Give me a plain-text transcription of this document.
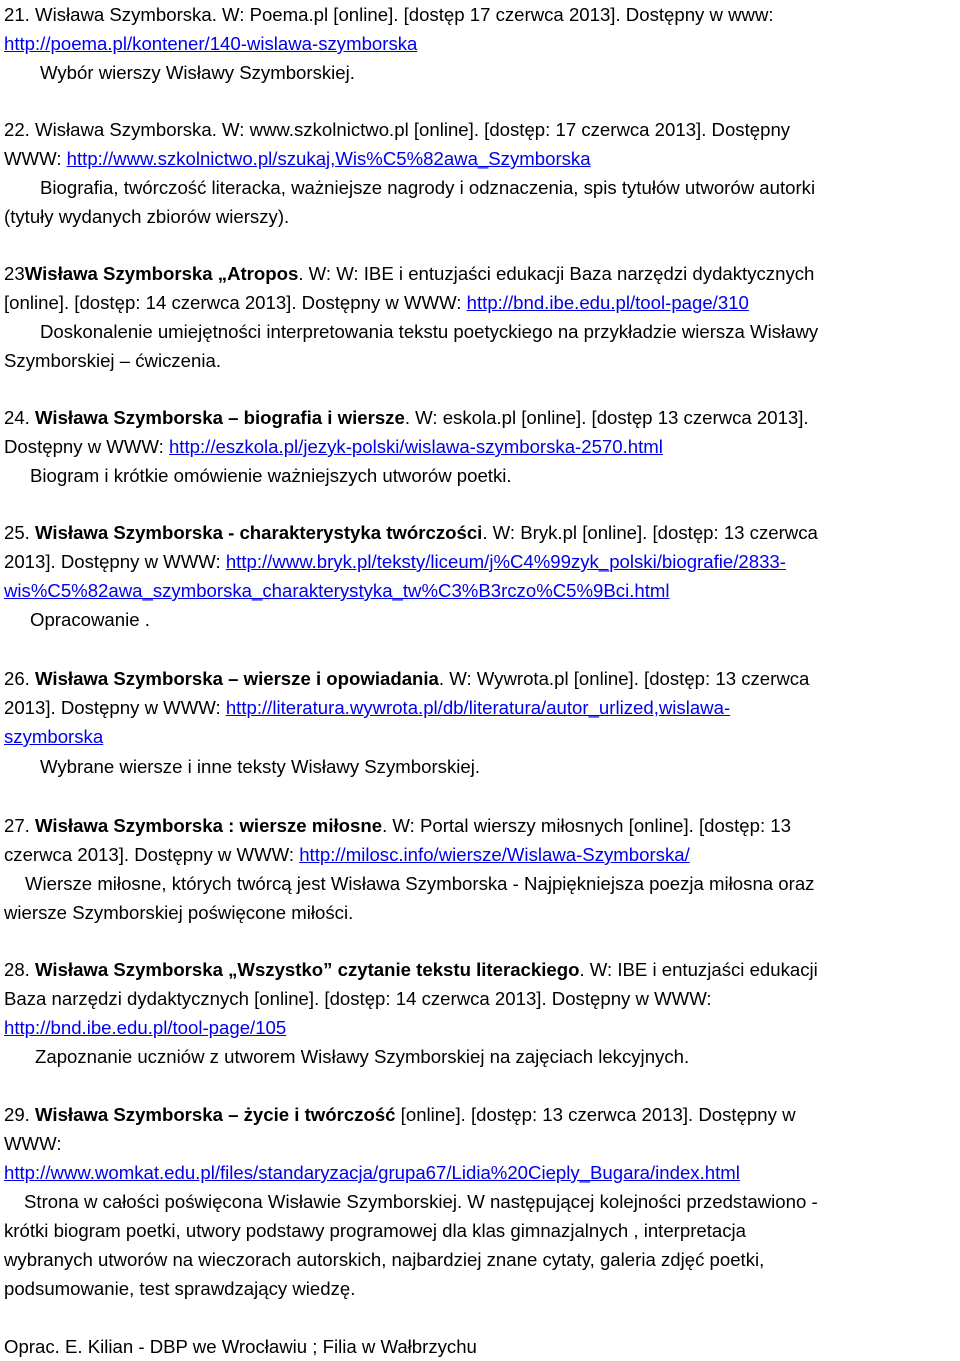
21. Wisława Szymborska. W: Poema.pl [online]. [dostęp 17 czerwca 2013]. Dostępny w www:
http://poema.pl/kontener/140-wislawa-szymborska
Wybór wierszy Wisławy Szymborskiej.
22. Wisława Szymborska. W: www.szkolnictwo.pl [online]. [dostęp: 17 czerwca 2013]. Dostępny
WWW: http://www.szkolnictwo.pl/szukaj,Wis%C5%82awa_Szymborska
Biografia, twórczość literacka, ważniejsze nagrody i odznaczenia, spis tytułów utworów autorki
(tytuły wydanych zbiorów wierszy).
23Wisława Szymborska „Atropos. W: W: IBE i entuzjaści edukacji Baza narzędzi dydaktycznych
[online]. [dostęp: 14 czerwca 2013]. Dostępny w WWW: http://bnd.ibe.edu.pl/tool-page/310
Doskonalenie umiejętności interpretowania tekstu poetyckiego na przykładzie wiersza Wisławy
Szymborskiej – ćwiczenia.
24. Wisława Szymborska – biografia i wiersze. W: eskola.pl [online]. [dostęp 13 czerwca 2013].
Dostępny w WWW: http://eszkola.pl/jezyk-polski/wislawa-szymborska-2570.html
Biogram i krótkie omówienie ważniejszych utworów poetki.
25. Wisława Szymborska - charakterystyka twórczości. W: Bryk.pl [online]. [dostęp: 13 czerwca
2013]. Dostępny w WWW: http://www.bryk.pl/teksty/liceum/j%C4%99zyk_polski/biografie/2833-
wis%C5%82awa_szymborska_charakterystyka_tw%C3%B3rczo%C5%9Bci.html
Opracowanie .
26. Wisława Szymborska – wiersze i opowiadania. W: Wywrota.pl [online]. [dostęp: 13 czerwca
2013]. Dostępny w WWW: http://literatura.wywrota.pl/db/literatura/autor_urlized,wislawa-
szymborska
Wybrane wiersze i inne teksty Wisławy Szymborskiej.
27. Wisława Szymborska : wiersze miłosne. W: Portal wierszy miłosnych [online]. [dostęp: 13
czerwca 2013]. Dostępny w WWW: http://milosc.info/wiersze/Wislawa-Szymborska/
Wiersze miłosne, których twórcą jest Wisława Szymborska - Najpiękniejsza poezja miłosna oraz
wiersze Szymborskiej poświęcone miłości.
28. Wisława Szymborska „Wszystko” czytanie tekstu literackiego. W: IBE i entuzjaści edukacji
Baza narzędzi dydaktycznych [online]. [dostęp: 14 czerwca 2013]. Dostępny w WWW:
http://bnd.ibe.edu.pl/tool-page/105
Zapoznanie uczniów z utworem Wisławy Szymborskiej na zajęciach lekcyjnych.
29. Wisława Szymborska – życie i twórczość [online]. [dostęp: 13 czerwca 2013]. Dostępny w
WWW:
http://www.womkat.edu.pl/files/standaryzacja/grupa67/Lidia%20Cieply_Bugara/index.html
Strona w całości poświęcona Wisławie Szymborskiej. W następującej kolejności przedstawiono -
krótki biogram poetki, utwory podstawy programowej dla klas gimnazjalnych , interpretacja
wybranych utworów na wieczorach autorskich, najbardziej znane cytaty, galeria zdjęć poetki,
podsumowanie, test sprawdzający wiedzę.
Oprac. E. Kilian - DBP we Wrocławiu ; Filia w Wałbrzychu
